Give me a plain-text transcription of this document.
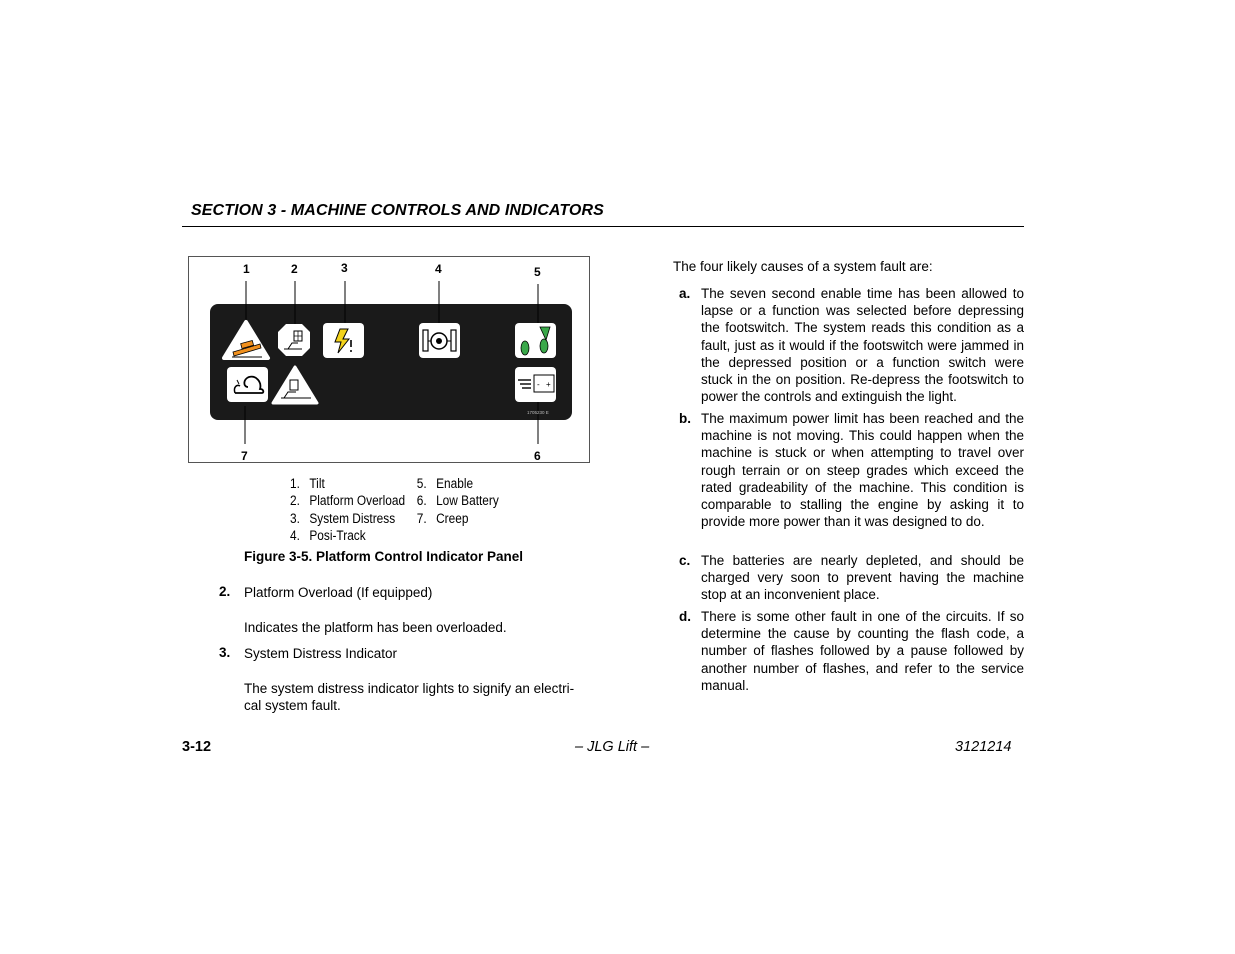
SECTION 3 - MACHINE CONTROLS AND INDICATORS
1	2	3	4	5
6
7
- +
1705230 E
1. Tilt
2. Platform Overload
3. System Distress
4. Posi-Track
5. Enable
6. Low Battery
7. Creep
Figure 3-5. Platform Control Indicator Panel
2. Platform Overload (If equipped)
Indicates the platform has been overloaded.
3. System Distress Indicator
The system distress indicator lights to signify an electri-
cal system fault.
The four likely causes of a system fault are:
a. The seven second enable time has been allowed to lapse or a function was selected before depressing the footswitch. The system reads this condition as a fault, just as it would if the footswitch were jammed in the depressed position or a function switch were stuck in the on position. Re-depress the footswitch to power the controls and extinguish the light.
b. The maximum power limit has been reached and the machine is not moving. This could happen when the machine is stuck or when attempting to travel over rough terrain or on steep grades which exceed the rated gradeability of the machine. This condition is comparable to stalling the engine by asking it to provide more power than it was designed to do.
c. The batteries are nearly depleted, and should be charged very soon to prevent having the machine stop at an inconvenient place.
d. There is some other fault in one of the circuits. If so determine the cause by counting the flash code, a number of flashes followed by a pause followed by another number of flashes, and refer to the service manual.
3-12	– JLG Lift –	3121214
